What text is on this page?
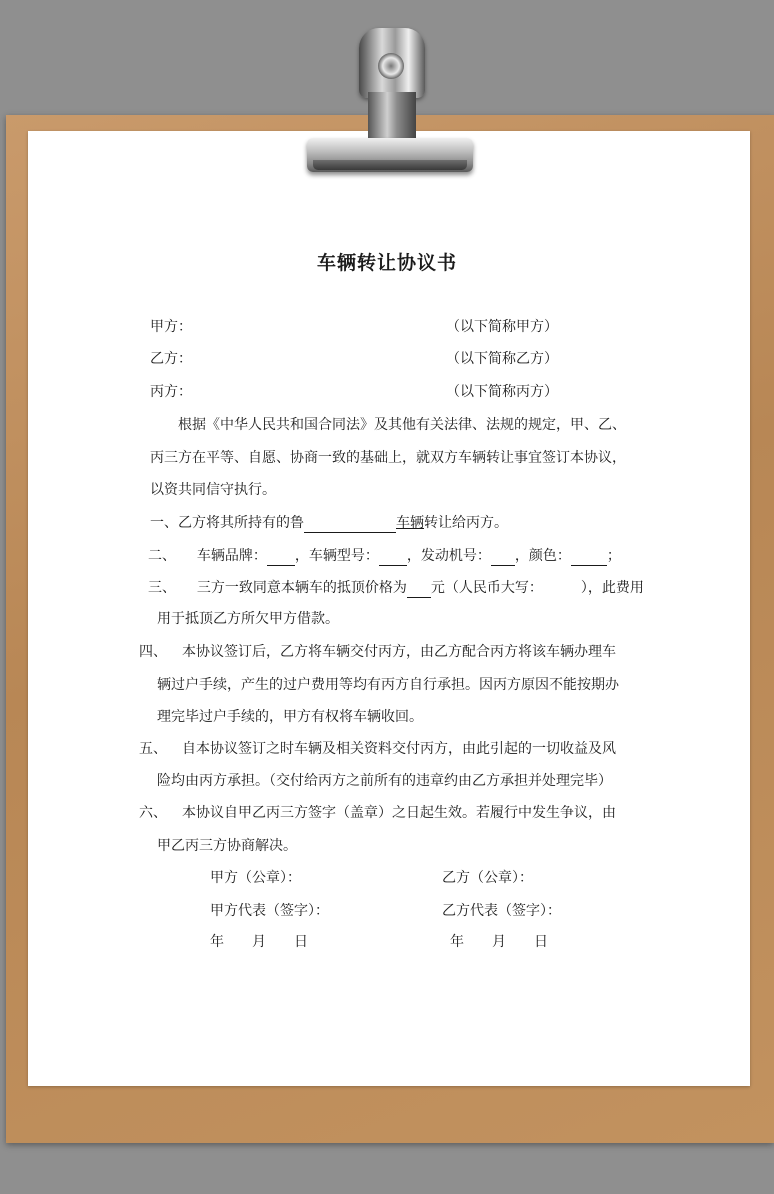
车辆转让协议书
甲方：	（以下简称甲方）
乙方：	（以下简称乙方）
丙方：	（以下简称丙方）
根据《中华人民共和国合同法》及其他有关法律、法规的规定，甲、乙、
丙三方在平等、自愿、协商一致的基础上，就双方车辆转让事宜签订本协议，
以资共同信守执行。
一、乙方将其所持有的鲁	车辆转让给丙方。
二、 车辆品牌： ，车辆型号： ，发动机号： ，颜色：	；
三、 三方一致同意本辆车的抵顶价格为 元（人民币大写：	），此费用
用于抵顶乙方所欠甲方借款。
四、 本协议签订后，乙方将车辆交付丙方，由乙方配合丙方将该车辆办理车
辆过户手续，产生的过户费用等均有丙方自行承担。因丙方原因不能按期办
理完毕过户手续的，甲方有权将车辆收回。
五、 自本协议签订之时车辆及相关资料交付丙方，由此引起的一切收益及风
险均由丙方承担。（交付给丙方之前所有的违章约由乙方承担并处理完毕）
六、 本协议自甲乙丙三方签字（盖章）之日起生效。若履行中发生争议，由
甲乙丙三方协商解决。
甲方（公章）：	乙方（公章）：
甲方代表（签字）：	乙方代表（签字）：
年　　月　　日	年　　月　　日
